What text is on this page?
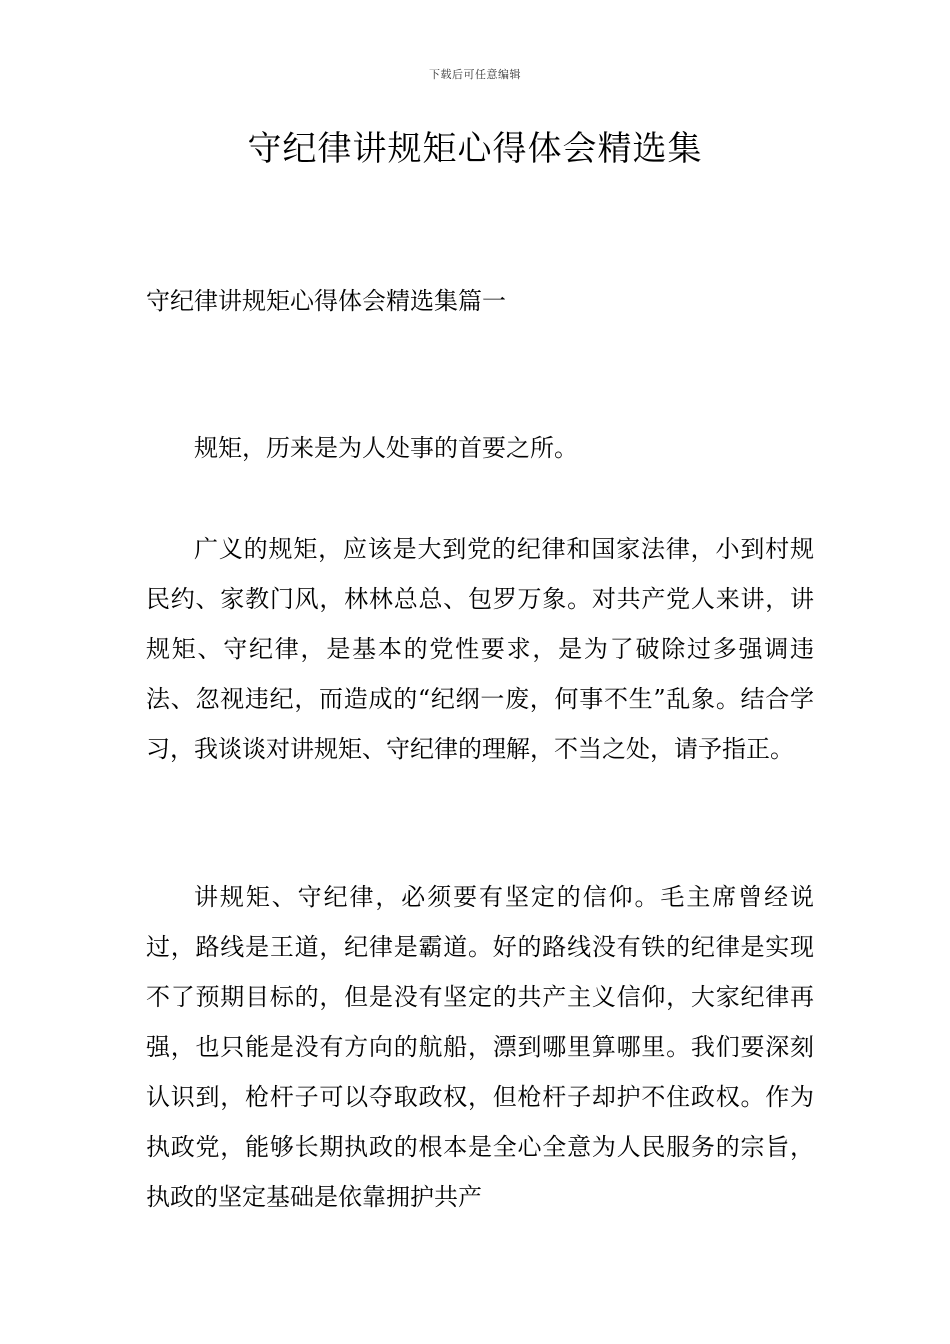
下载后可任意编辑
守纪律讲规矩心得体会精选集
守纪律讲规矩心得体会精选集篇一

规矩，历来是为人处事的首要之所。

广义的规矩，应该是大到党的纪律和国家法律，小到村规民约、家教门风，林林总总、包罗万象。对共产党人来讲，讲规矩、守纪律，是基本的党性要求，是为了破除过多强调违法、忽视违纪，而造成的“纪纲一废，何事不生”乱象。结合学习，我谈谈对讲规矩、守纪律的理解，不当之处，请予指正。

讲规矩、守纪律，必须要有坚定的信仰。毛主席曾经说过，路线是王道，纪律是霸道。好的路线没有铁的纪律是实现不了预期目标的，但是没有坚定的共产主义信仰，大家纪律再强，也只能是没有方向的航船，漂到哪里算哪里。我们要深刻认识到，枪杆子可以夺取政权，但枪杆子却护不住政权。作为执政党，能够长期执政的根本是全心全意为人民服务的宗旨，执政的坚定基础是依靠拥护共产
